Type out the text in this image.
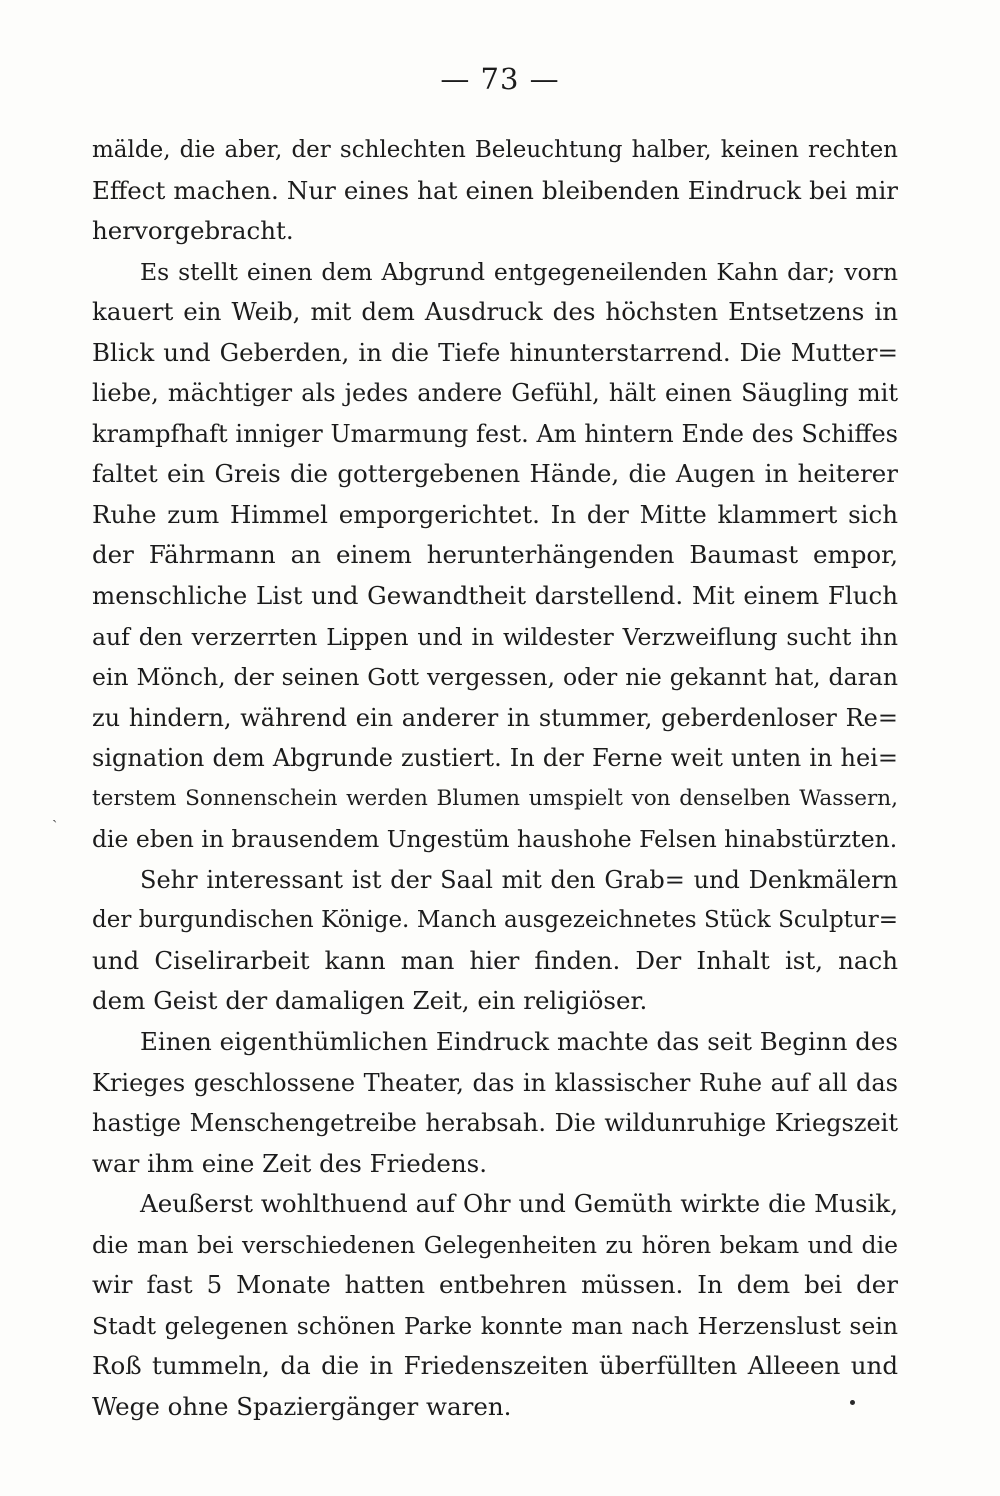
— 73 —
mälde, die aber, der schlechten Beleuchtung halber, keinen rechten
Effect machen. Nur eines hat einen bleibenden Eindruck bei mir
hervorgebracht.
Es stellt einen dem Abgrund entgegeneilenden Kahn dar; vorn
kauert ein Weib, mit dem Ausdruck des höchsten Entsetzens in
Blick und Geberden, in die Tiefe hinunterstarrend. Die Mutter=
liebe, mächtiger als jedes andere Gefühl, hält einen Säugling mit
krampfhaft inniger Umarmung fest. Am hintern Ende des Schiffes
faltet ein Greis die gottergebenen Hände, die Augen in heiterer
Ruhe zum Himmel emporgerichtet. In der Mitte klammert sich
der Fährmann an einem herunterhängenden Baumast empor,
menschliche List und Gewandtheit darstellend. Mit einem Fluch
auf den verzerrten Lippen und in wildester Verzweiflung sucht ihn
ein Mönch, der seinen Gott vergessen, oder nie gekannt hat, daran
zu hindern, während ein anderer in stummer, geberdenloser Re=
signation dem Abgrunde zustiert. In der Ferne weit unten in hei=
terstem Sonnenschein werden Blumen umspielt von denselben Wassern,
die eben in brausendem Ungestüm haushohe Felsen hinabstürzten.
Sehr interessant ist der Saal mit den Grab= und Denkmälern
der burgundischen Könige. Manch ausgezeichnetes Stück Sculptur=
und Ciselirarbeit kann man hier finden. Der Inhalt ist, nach
dem Geist der damaligen Zeit, ein religiöser.
Einen eigenthümlichen Eindruck machte das seit Beginn des
Krieges geschlossene Theater, das in klassischer Ruhe auf all das
hastige Menschengetreibe herabsah. Die wildunruhige Kriegszeit
war ihm eine Zeit des Friedens.
Aeußerst wohlthuend auf Ohr und Gemüth wirkte die Musik,
die man bei verschiedenen Gelegenheiten zu hören bekam und die
wir fast 5 Monate hatten entbehren müssen. In dem bei der
Stadt gelegenen schönen Parke konnte man nach Herzenslust sein
Roß tummeln, da die in Friedenszeiten überfüllten Alleeen und
Wege ohne Spaziergänger waren.
ˎ
